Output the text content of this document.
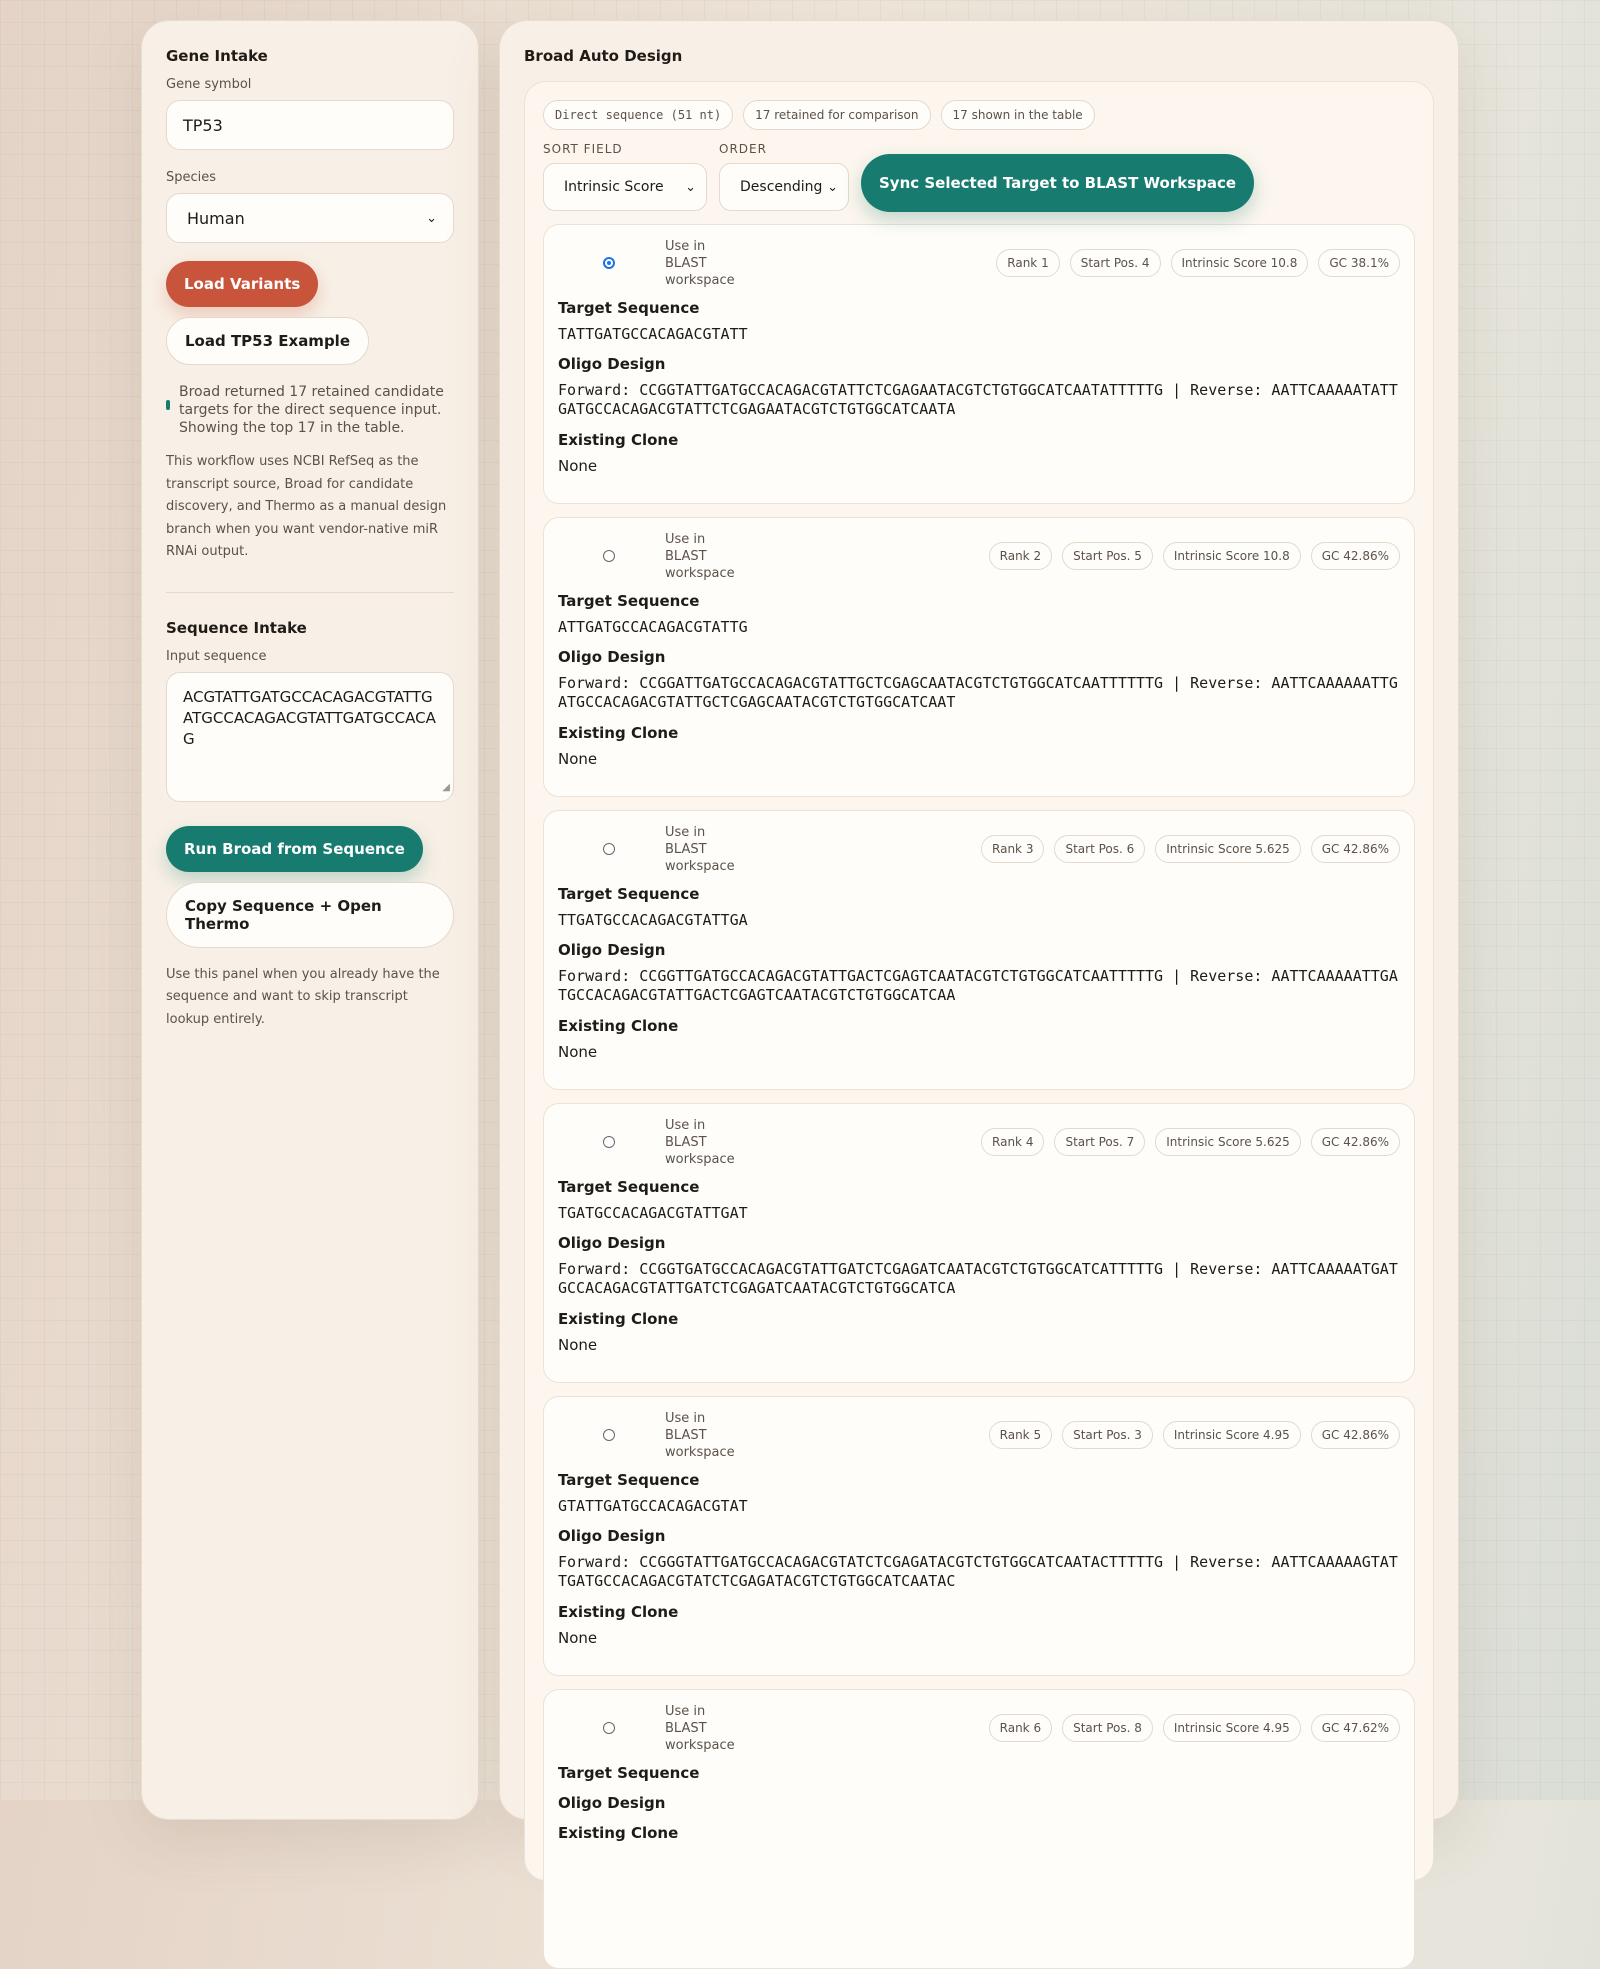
Gene Intake
Gene symbol
TP53
Species
Human	⌄
Load Variants
Load TP53 Example
Broad returned 17 retained candidate targets for the direct sequence input. Showing the top 17 in the table.
This workflow uses NCBI RefSeq as the transcript source, Broad for candidate discovery, and Thermo as a manual design branch when you want vendor-native miR RNAi output.
Sequence Intake
Input sequence
ACGTATTGATGCCACAGACGTATTGATGCCACAGACGTATTGATGCCACAG
◢
Run Broad from Sequence
Copy Sequence + Open Thermo
Use this panel when you already have the sequence and want to skip transcript lookup entirely.
Broad Auto Design
Direct sequence (51 nt)	17 retained for comparison	17 shown in the table
SORT FIELD
Intrinsic Score ⌄
ORDER
Descending ⌄	Sync Selected Target to BLAST Workspace
Use in BLAST workspace
Rank 1	Start Pos. 4	Intrinsic Score 10.8	GC 38.1%
Target Sequence
TATTGATGCCACAGACGTATT
Oligo Design
Forward: CCGGTATTGATGCCACAGACGTATTCTCGAGAATACGTCTGTGGCATCAATATTTTTG | Reverse: AATTCAAAAATATTGATGCCACAGACGTATTCTCGAGAATACGTCTGTGGCATCAATA
Existing Clone
None
Use in BLAST workspace
Rank 2	Start Pos. 5	Intrinsic Score 10.8	GC 42.86%
Target Sequence
ATTGATGCCACAGACGTATTG
Oligo Design
Forward: CCGGATTGATGCCACAGACGTATTGCTCGAGCAATACGTCTGTGGCATCAATTTTTTG | Reverse: AATTCAAAAAATTGATGCCACAGACGTATTGCTCGAGCAATACGTCTGTGGCATCAAT
Existing Clone
None
Use in BLAST workspace
Rank 3	Start Pos. 6	Intrinsic Score 5.625	GC 42.86%
Target Sequence
TTGATGCCACAGACGTATTGA
Oligo Design
Forward: CCGGTTGATGCCACAGACGTATTGACTCGAGTCAATACGTCTGTGGCATCAATTTTTG | Reverse: AATTCAAAAATTGATGCCACAGACGTATTGACTCGAGTCAATACGTCTGTGGCATCAA
Existing Clone
None
Use in BLAST workspace
Rank 4	Start Pos. 7	Intrinsic Score 5.625	GC 42.86%
Target Sequence
TGATGCCACAGACGTATTGAT
Oligo Design
Forward: CCGGTGATGCCACAGACGTATTGATCTCGAGATCAATACGTCTGTGGCATCATTTTTG | Reverse: AATTCAAAAATGATGCCACAGACGTATTGATCTCGAGATCAATACGTCTGTGGCATCA
Existing Clone
None
Use in BLAST workspace
Rank 5	Start Pos. 3	Intrinsic Score 4.95	GC 42.86%
Target Sequence
GTATTGATGCCACAGACGTAT
Oligo Design
Forward: CCGGGTATTGATGCCACAGACGTATCTCGAGATACGTCTGTGGCATCAATACTTTTTG | Reverse: AATTCAAAAAGTATTGATGCCACAGACGTATCTCGAGATACGTCTGTGGCATCAATAC
Existing Clone
None
Use in BLAST workspace
Rank 6	Start Pos. 8	Intrinsic Score 4.95	GC 47.62%
Target Sequence
Oligo Design
Existing Clone
